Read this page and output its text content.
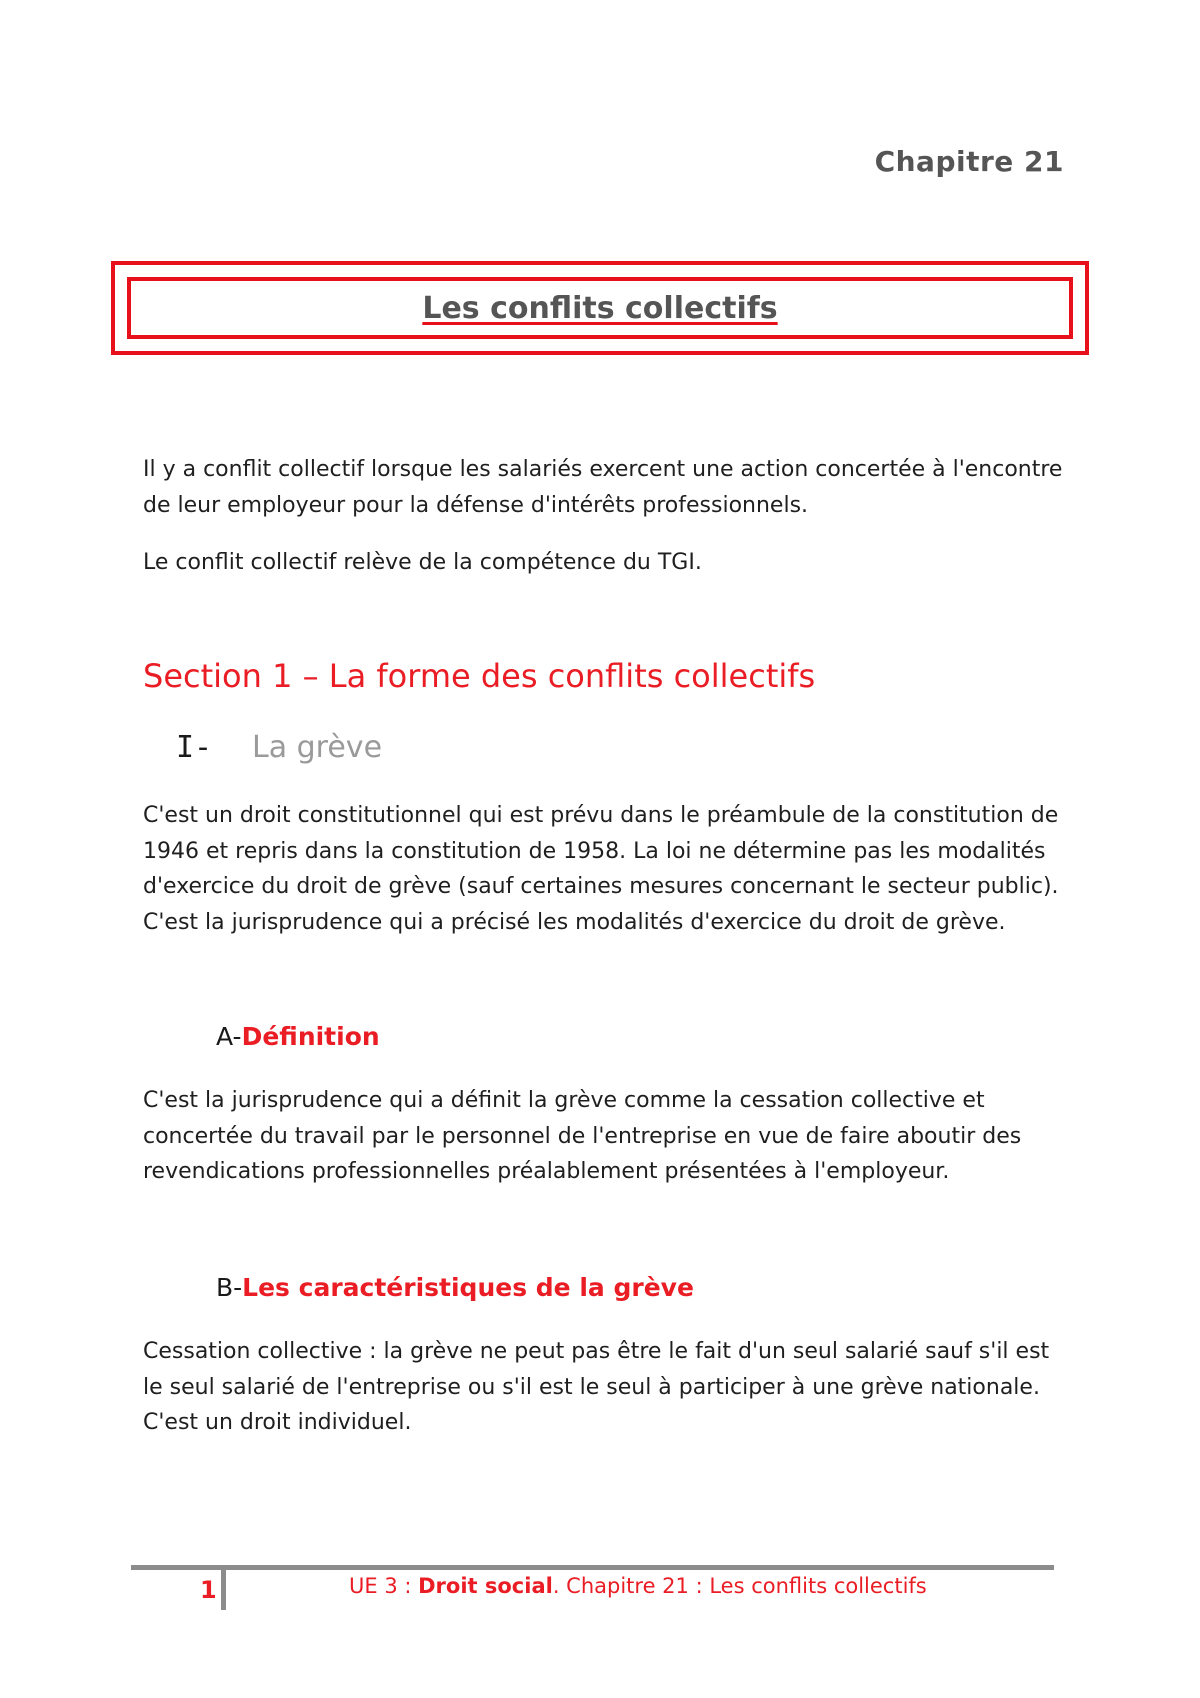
Chapitre 21
Les conflits collectifs

Il y a conflit collectif lorsque les salariés exercent une action concertée à l'encontre de leur employeur pour la défense d'intérêts professionnels.

Le conflit collectif relève de la compétence du TGI.

Section 1 – La forme des conflits collectifs
I-	La grève

C'est un droit constitutionnel qui est prévu dans le préambule de la constitution de 1946 et repris dans la constitution de 1958. La loi ne détermine pas les modalités d'exercice du droit de grève (sauf certaines mesures concernant le secteur public). C'est la jurisprudence qui a précisé les modalités d'exercice du droit de grève.

A-Définition

C'est la jurisprudence qui a définit la grève comme la cessation collective et concertée du travail par le personnel de l'entreprise en vue de faire aboutir des revendications professionnelles préalablement présentées à l'employeur.

B-Les caractéristiques de la grève

Cessation collective : la grève ne peut pas être le fait d'un seul salarié sauf s'il est le seul salarié de l'entreprise ou s'il est le seul à participer à une grève nationale. C'est un droit individuel.

1	UE 3 : Droit social. Chapitre 21 : Les conflits collectifs
